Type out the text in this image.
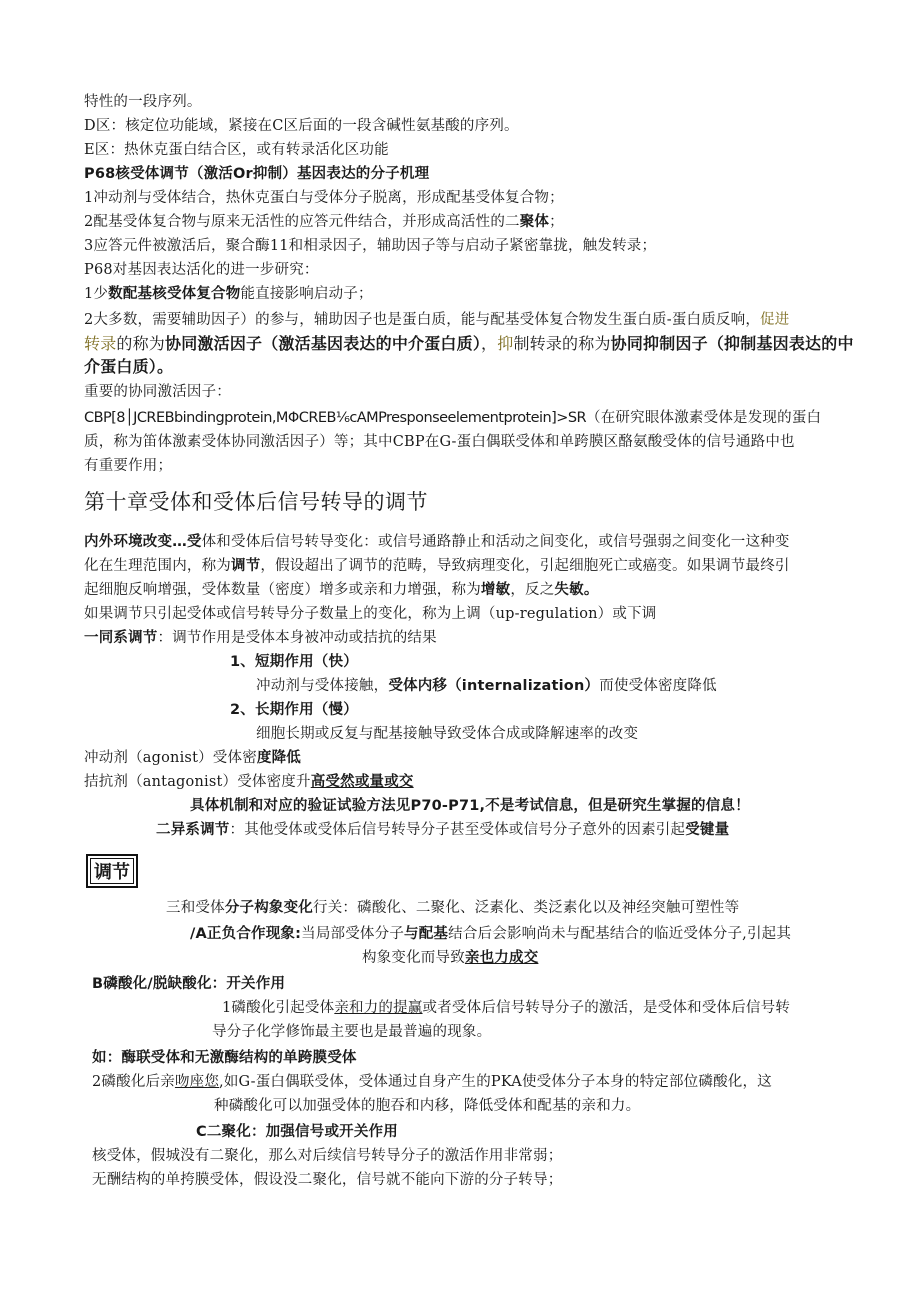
特性的一段序列。
D区：核定位功能域，紧接在C区后面的一段含碱性氨基酸的序列。
E区：热休克蛋白结合区，或有转录活化区功能
P68核受体调节（激活Or抑制）基因表达的分子机理
1冲动剂与受体结合，热休克蛋白与受体分子脱离，形成配基受体复合物；
2配基受体复合物与原来无活性的应答元件结合，并形成高活性的二聚体；
3应答元件被激活后，聚合酶11和相录因子，辅助因子等与启动子紧密靠拢，触发转录；
P68对基因表达活化的进一步研究：
1少数配基核受体复合物能直接影响启动子；
2大多数，需要辅助因子）的参与，辅助因子也是蛋白质，能与配基受体复合物发生蛋白质-蛋白质反响，促进
转录的称为协同激活因子（激活基因表达的中介蛋白质），抑制转录的称为协同抑制因子（抑制基因表达的中
介蛋白质）。
重要的协同激活因子：
CBP[8│JCREBbindingprotein,MΦCREB⅙cAMPresponseelementprotein]>SR（在研究眼体激素受体是发现的蛋白
质，称为笛体激素受体协同激活因子）等；其中CBP在G-蛋白偶联受体和单跨膜区酪氨酸受体的信号通路中也
有重要作用；
第十章受体和受体后信号转导的调节
内外环境改变…受体和受体后信号转导变化：或信号通路静止和活动之间变化，或信号强弱之间变化一这种变
化在生理范围内，称为调节，假设超出了调节的范畴，导致病理变化，引起细胞死亡或癌变。如果调节最终引
起细胞反响增强，受体数量（密度）增多或亲和力增强，称为增敏，反之失敏。
如果调节只引起受体或信号转导分子数量上的变化，称为上调（up-regulation）或下调
一同系调节：调节作用是受体本身被冲动或拮抗的结果
1、短期作用（快）
冲动剂与受体接触，受体内移（internalization）而使受体密度降低
2、长期作用（慢）
细胞长期或反复与配基接触导致受体合成或降解速率的改变
冲动剂（agonist）受体密度降低
拮抗剂（antagonist）受体密度升高受然或量或交
具体机制和对应的验证试验方法见P70-P71,不是考试信息，但是研究生掌握的信息！
二异系调节：其他受体或受体后信号转导分子甚至受体或信号分子意外的因素引起受键量
调节
三和受体分子构象变化行关：磷酸化、二聚化、泛素化、类泛素化以及神经突触可塑性等
/A正负合作现象:当局部受体分子与配基结合后会影响尚未与配基结合的临近受体分子,引起其
构象变化而导致亲也力成交
B磷酸化/脱缺酸化：开关作用
1磷酸化引起受体亲和力的提赢或者受体后信号转导分子的激活，是受体和受体后信号转
导分子化学修饰最主要也是最普遍的现象。
如：酶联受体和无激酶结构的单跨膜受体
2磷酸化后亲吻座您,如G-蛋白偶联受体，受体通过自身产生的PKA使受体分子本身的特定部位磷酸化，这
种磷酸化可以加强受体的胞吞和内移，降低受体和配基的亲和力。
C二聚化：加强信号或开关作用
核受体，假城没有二聚化，那么对后续信号转导分子的激活作用非常弱；
无酬结构的单挎膜受体，假设没二聚化，信号就不能向下游的分子转导；
